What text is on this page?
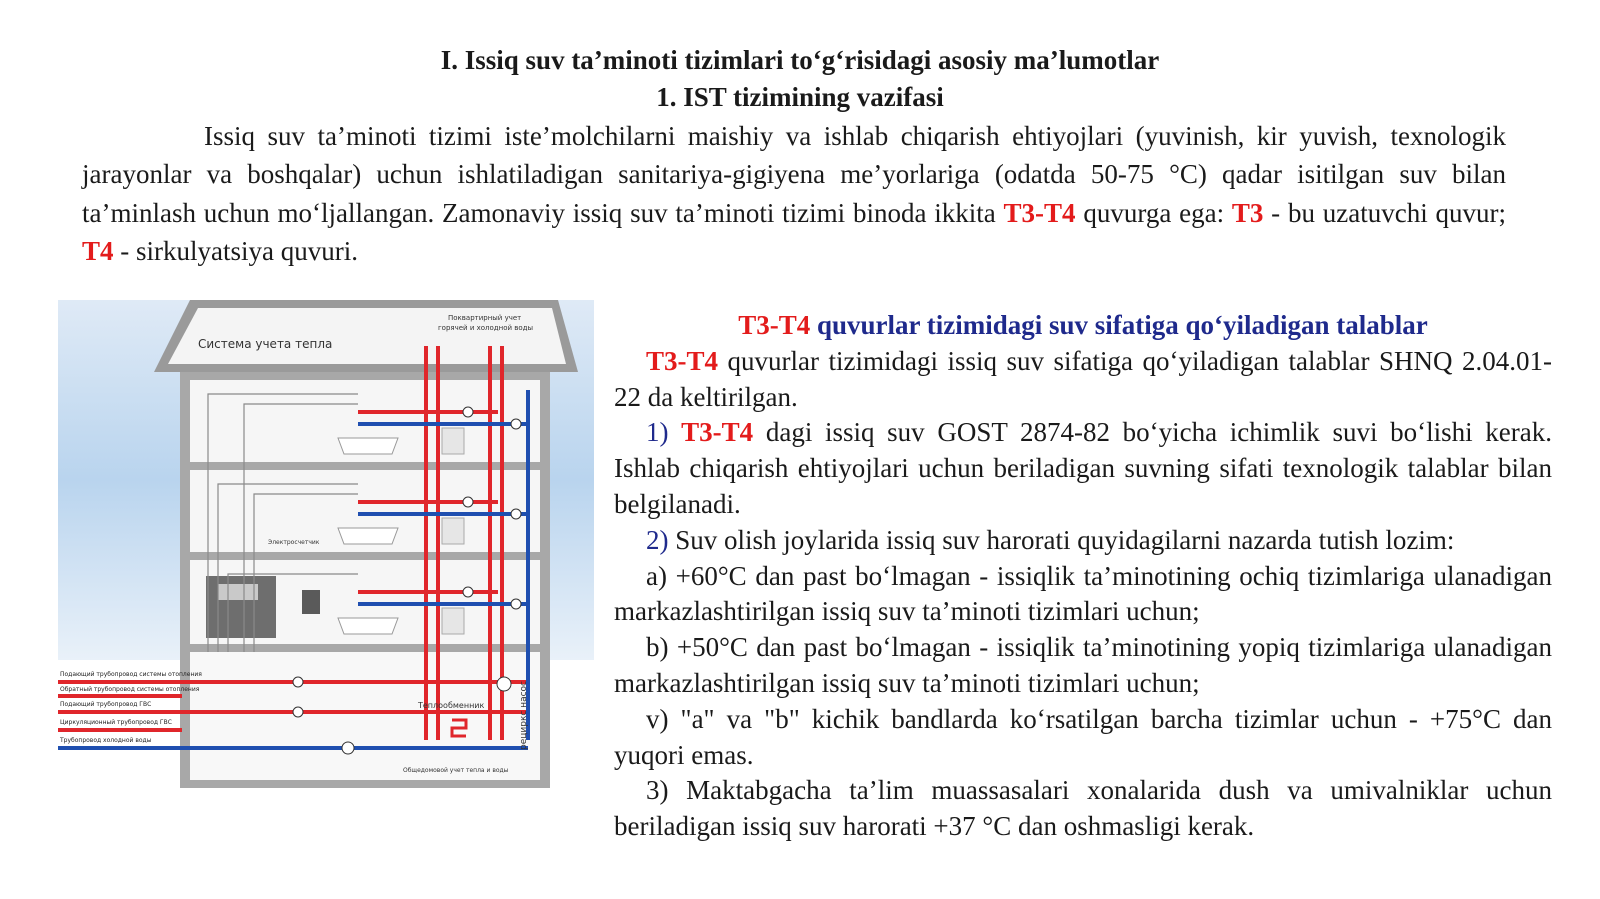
I. Issiq suv ta’minoti tizimlari to‘g‘risidagi asosiy ma’lumotlar
1. IST tizimining vazifasi

Issiq suv ta’minoti tizimi iste’molchilarni maishiy va ishlab chiqarish ehtiyojlari (yuvinish, kir yuvish, texnologik jarayonlar va boshqalar) uchun ishlatiladigan sanitariya-gigiyena me’yorlariga (odatda 50-75 °C) qadar isitilgan suv bilan ta’minlash uchun mo‘ljallangan. Zamonaviy issiq suv ta’minoti tizimi binoda ikkita T3-T4 quvurga ega: T3 - bu uzatuvchi quvur; T4 - sirkulyatsiya quvuri.

Система учета тепла
Поквартирный учет
горячей и холодной воды
Электросчетчик
Теплообменник	рециркс насос
Общедомовой учет тепла и воды
Подающий трубопровод системы отопления
Обратный трубопровод системы отопления
Подающий трубопровод ГВС
Циркуляционный трубопровод ГВС
Трубопровод холодной воды

T3-T4 quvurlar tizimidagi suv sifatiga qo‘yiladigan talablar

T3-T4 quvurlar tizimidagi issiq suv sifatiga qo‘yiladigan talablar SHNQ 2.04.01-22 da keltirilgan.

1) T3-T4 dagi issiq suv GOST 2874-82 bo‘yicha ichimlik suvi bo‘lishi kerak. Ishlab chiqarish ehtiyojlari uchun beriladigan suvning sifati texnologik talablar bilan belgilanadi.

2) Suv olish joylarida issiq suv harorati quyidagilarni nazarda tutish lozim:

a) +60°C dan past bo‘lmagan - issiqlik ta’minotining ochiq tizimlariga ulanadigan markazlashtirilgan issiq suv ta’minoti tizimlari uchun;

b) +50°C dan past bo‘lmagan - issiqlik ta’minotining yopiq tizimlariga ulanadigan markazlashtirilgan issiq suv ta’minoti tizimlari uchun;

v) "a" va "b" kichik bandlarda ko‘rsatilgan barcha tizimlar uchun - +75°C dan yuqori emas.

3) Maktabgacha ta’lim muassasalari xonalarida dush va umivalniklar uchun beriladigan issiq suv harorati +37 °C dan oshmasligi kerak.
